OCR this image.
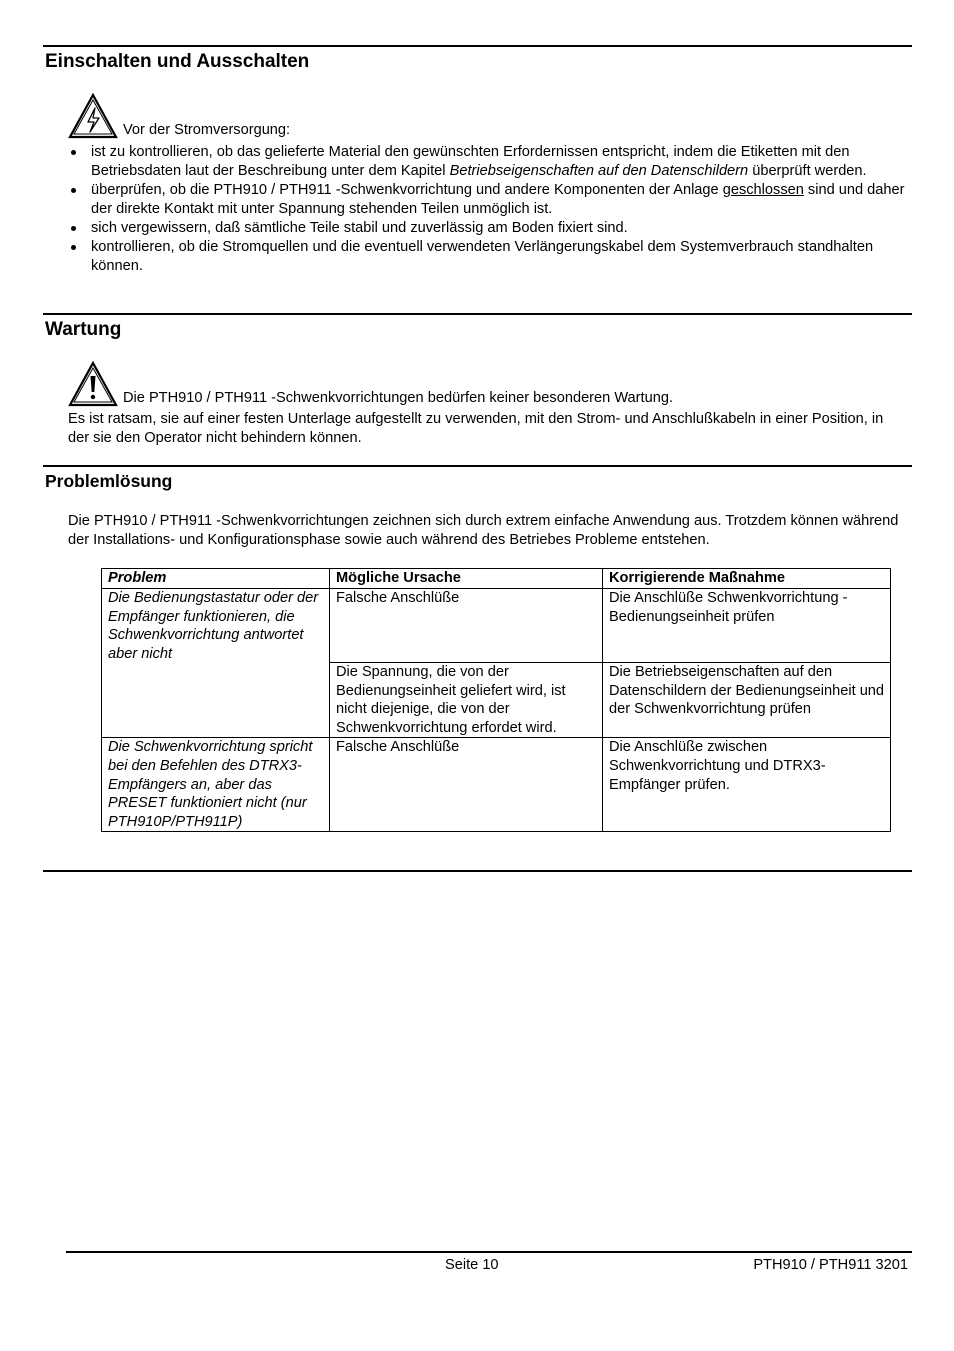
Einschalten und Ausschalten
Vor der Stromversorgung:
ist zu kontrollieren, ob das gelieferte Material den gewünschten Erfordernissen entspricht, indem die Etiketten mit den Betriebsdaten laut der Beschreibung unter dem Kapitel Betriebseigenschaften auf den Datenschildern überprüft werden.
überprüfen, ob die PTH910 / PTH911 -Schwenkvorrichtung und andere Komponenten der Anlage geschlossen sind und daher der direkte Kontakt mit unter Spannung stehenden Teilen unmöglich ist.
sich vergewissern, daß sämtliche Teile stabil und zuverlässig am Boden fixiert sind.
kontrollieren, ob die Stromquellen und die eventuell verwendeten Verlängerungskabel dem Systemverbrauch standhalten können.
Wartung
Die PTH910 / PTH911 -Schwenkvorrichtungen bedürfen keiner besonderen Wartung.
Es ist ratsam, sie auf einer festen Unterlage aufgestellt zu verwenden, mit den Strom- und Anschlußkabeln in einer Position, in der sie den Operator nicht behindern können.
Problemlösung
Die PTH910 / PTH911 -Schwenkvorrichtungen zeichnen sich durch extrem einfache Anwendung aus. Trotzdem können während der Installations- und Konfigurationsphase sowie auch während des Betriebes Probleme entstehen.
Problem	Mögliche Ursache	Korrigierende Maßnahme
Die Bedienungstastatur oder der Empfänger funktionieren, die Schwenkvorrichtung antwortet aber nicht	Falsche Anschlüße	Die Anschlüße Schwenkvorrichtung - Bedienungseinheit prüfen
	Die Spannung, die von der Bedienungseinheit geliefert wird, ist nicht diejenige, die von der Schwenkvorrichtung erfordet wird.	Die Betriebseigenschaften auf den Datenschildern der Bedienungseinheit und der Schwenkvorrichtung prüfen
Die Schwenkvorrichtung spricht bei den Befehlen des DTRX3-Empfängers an, aber das PRESET funktioniert nicht (nur PTH910P/PTH911P)	Falsche Anschlüße	Die Anschlüße zwischen Schwenkvorrichtung und DTRX3-Empfänger prüfen.
Seite 10	PTH910 / PTH911 3201
